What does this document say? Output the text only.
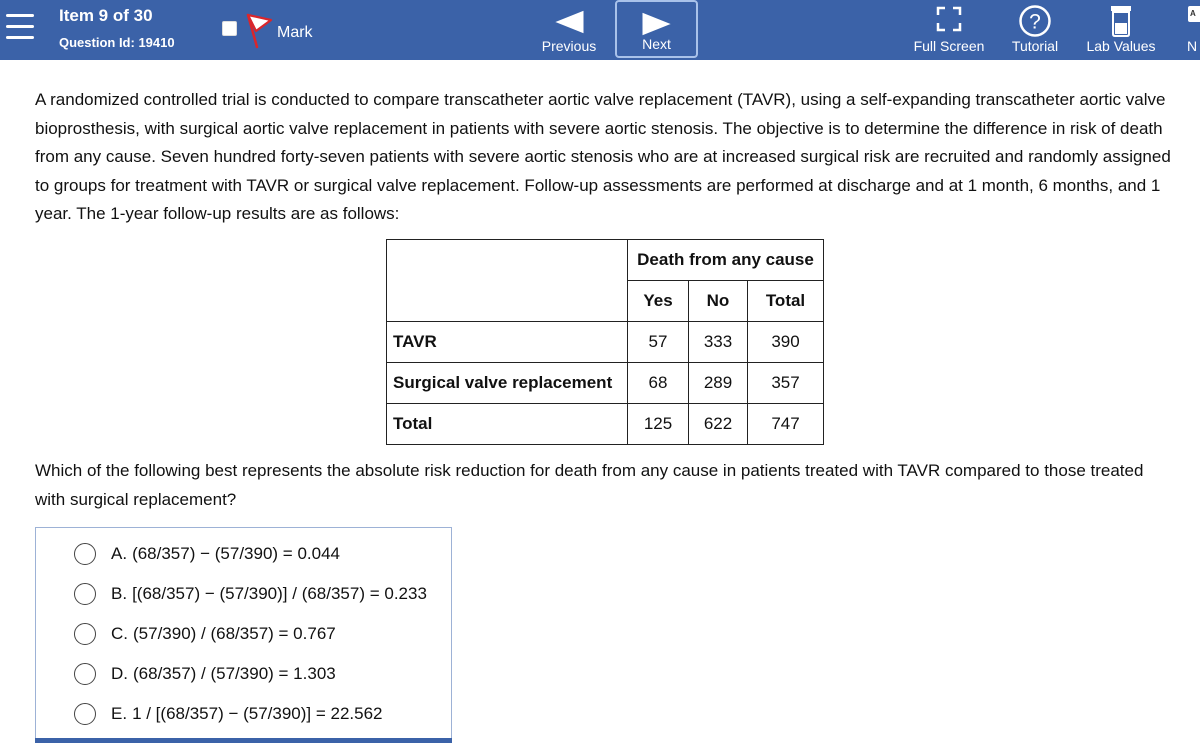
Item 9 of 30
Question Id: 19410
Mark
Previous	Next	Full Screen
?
Tutorial	Lab Values	N
A
A randomized controlled trial is conducted to compare transcatheter aortic valve replacement (TAVR), using a self-expanding transcatheter aortic valve bioprosthesis, with surgical aortic valve replacement in patients with severe aortic stenosis. The objective is to determine the difference in risk of death from any cause. Seven hundred forty-seven patients with severe aortic stenosis who are at increased surgical risk are recruited and randomly assigned to groups for treatment with TAVR or surgical valve replacement. Follow-up assessments are performed at discharge and at 1 month, 6 months, and 1 year. The 1-year follow-up results are as follows:
	Death from any cause		
	Yes	No	Total
TAVR	57	333	390
Surgical valve replacement	68	289	357
Total	125	622	747
Which of the following best represents the absolute risk reduction for death from any cause in patients treated with TAVR compared to those treated with surgical replacement?
A. (68/357) − (57/390) = 0.044
B. [(68/357) − (57/390)] / (68/357) = 0.233
C. (57/390) / (68/357) = 0.767
D. (68/357) / (57/390) = 1.303
E. 1 / [(68/357) − (57/390)] = 22.562
